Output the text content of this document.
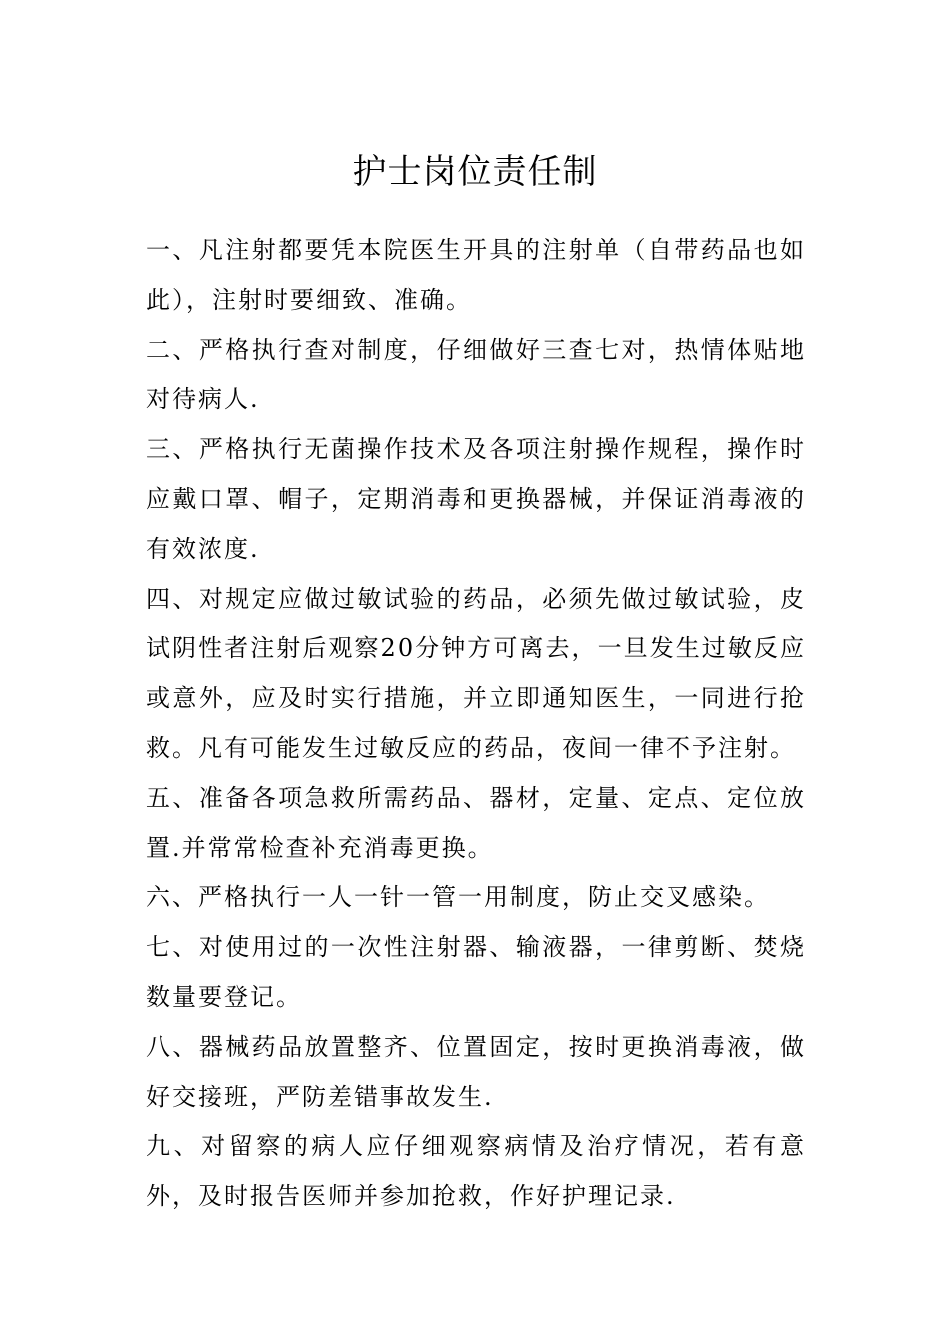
护士岗位责任制

一、凡注射都要凭本院医生开具的注射单（自带药品也如此），注射时要细致、准确。

二、严格执行查对制度，仔细做好三查七对，热情体贴地对待病人.

三、严格执行无菌操作技术及各项注射操作规程，操作时应戴口罩、帽子，定期消毒和更换器械，并保证消毒液的有效浓度.

四、对规定应做过敏试验的药品，必须先做过敏试验，皮试阴性者注射后观察20分钟方可离去，一旦发生过敏反应或意外，应及时实行措施，并立即通知医生，一同进行抢救。凡有可能发生过敏反应的药品，夜间一律不予注射。

五、准备各项急救所需药品、器材，定量、定点、定位放置.并常常检查补充消毒更换。

六、严格执行一人一针一管一用制度，防止交叉感染。

七、对使用过的一次性注射器、输液器，一律剪断、焚烧数量要登记。

八、器械药品放置整齐、位置固定，按时更换消毒液，做好交接班，严防差错事故发生.

九、对留察的病人应仔细观察病情及治疗情况，若有意外，及时报告医师并参加抢救，作好护理记录.
